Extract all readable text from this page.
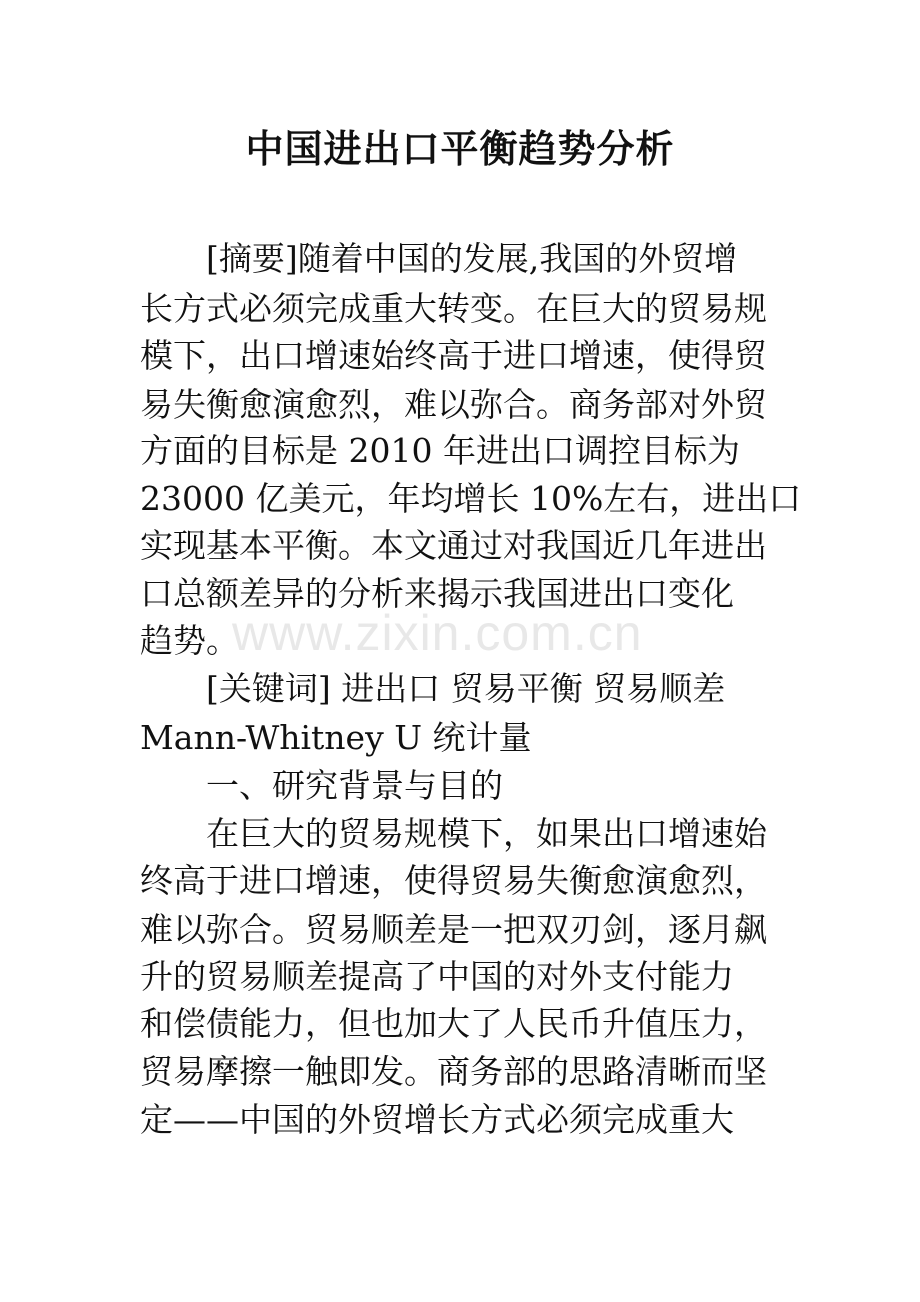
中国进出口平衡趋势分析
www.zixin.com.cn
[摘要]随着中国的发展,我国的外贸增
长方式必须完成重大转变。在巨大的贸易规
模下，出口增速始终高于进口增速，使得贸
易失衡愈演愈烈，难以弥合。商务部对外贸
方面的目标是 2010 年进出口调控目标为
23000 亿美元，年均增长 10%左右，进出口
实现基本平衡。本文通过对我国近几年进出
口总额差异的分析来揭示我国进出口变化
趋势。
[关键词] 进出口 贸易平衡 贸易顺差
Mann-Whitney U 统计量
一、研究背景与目的
在巨大的贸易规模下，如果出口增速始
终高于进口增速，使得贸易失衡愈演愈烈，
难以弥合。贸易顺差是一把双刃剑，逐月飙
升的贸易顺差提高了中国的对外支付能力
和偿债能力，但也加大了人民币升值压力，
贸易摩擦一触即发。商务部的思路清晰而坚
定——中国的外贸增长方式必须完成重大
